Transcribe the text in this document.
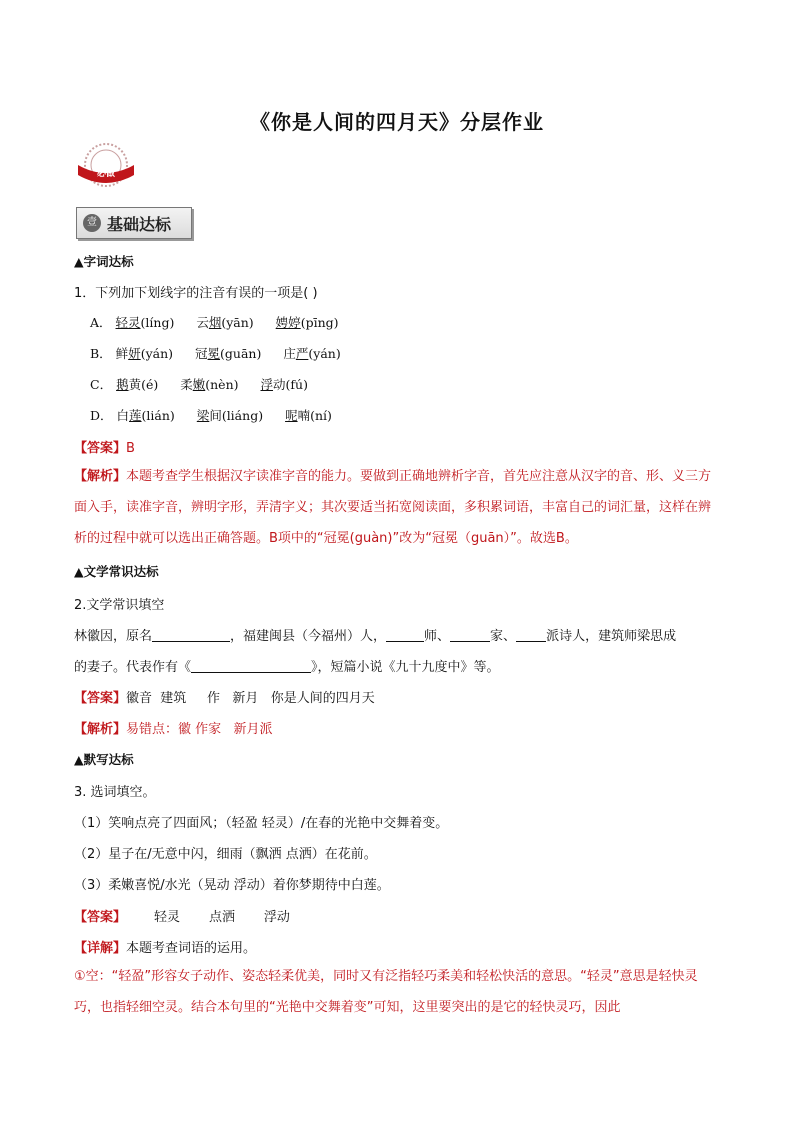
《你是人间的四月天》分层作业
必做
壹 基础达标
▲字词达标
1．下列加下划线字的注音有误的一项是( )
A． 轻灵(líng) 云烟(yān) 娉婷(pīng)
B． 鲜妍(yán) 冠冕(guān) 庄严(yán)
C． 鹅黄(é) 柔嫩(nèn) 浮动(fú)
D． 白莲(lián) 梁间(liáng) 呢喃(ní)
【答案】B
【解析】本题考查学生根据汉字读准字音的能力。要做到正确地辨析字音，首先应注意从汉字的音、形、义三方面入手，读准字音，辨明字形，弄清字义；其次要适当拓宽阅读面，多积累词语，丰富自己的词汇量，这样在辨析的过程中就可以选出正确答题。B项中的“冠冕(guàn)”改为“冠冕（guān）”。故选B。
▲文学常识达标
2.文学常识填空
林徽因，原名	，福建闽县（今福州）人，	师、	家、 派诗人，建筑师梁思成
的妻子。代表作有《	》，短篇小说《九十九度中》等。
【答案】徽音  建筑     作   新月   你是人间的四月天
【解析】易错点：徽 作家   新月派
▲默写达标
3. 选词填空。
（1）笑响点亮了四面风；（轻盈 轻灵）/在春的光艳中交舞着变。
（2）星子在/无意中闪，细雨（飘洒 点洒）在花前。
（3）柔嫩喜悦/水光（晃动 浮动）着你梦期待中白莲。
【答案】 轻灵       点洒       浮动
【详解】本题考查词语的运用。
①空：“轻盈”形容女子动作、姿态轻柔优美，同时又有泛指轻巧柔美和轻松快活的意思。“轻灵”意思是轻快灵巧，也指轻细空灵。结合本句里的“光艳中交舞着变”可知，这里要突出的是它的轻快灵巧，因此
